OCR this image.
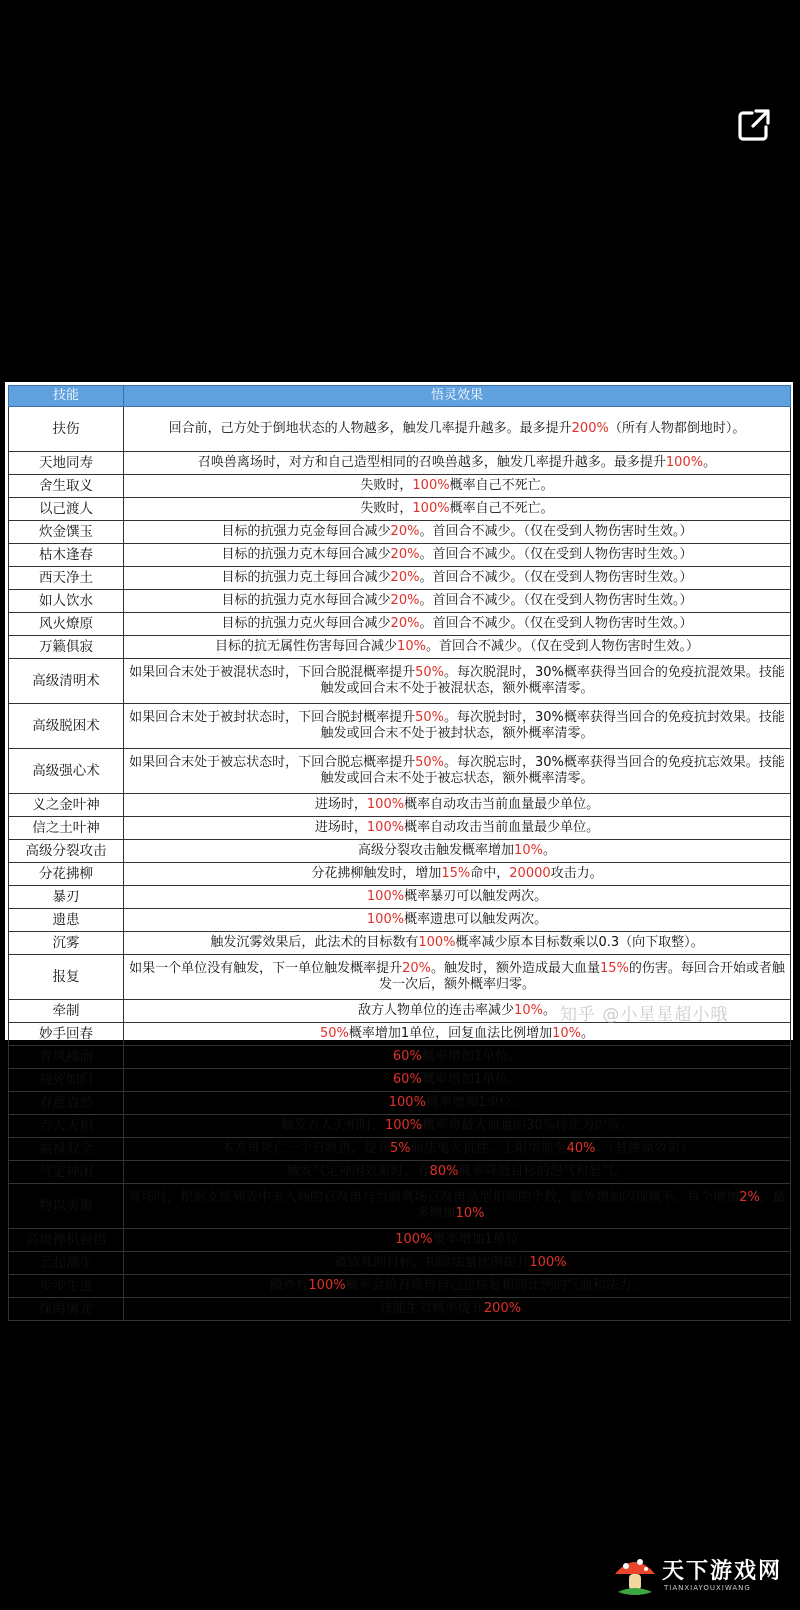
技能	悟灵效果
扶伤	回合前，己方处于倒地状态的人物越多，触发几率提升越多。最多提升200%（所有人物都倒地时）。
天地同寿	召唤兽离场时，对方和自己造型相同的召唤兽越多，触发几率提升越多。最多提升100%。
舍生取义	失败时，100%概率自己不死亡。
以己渡人	失败时，100%概率自己不死亡。
炊金馔玉	目标的抗强力克金每回合减少20%。首回合不减少。（仅在受到人物伤害时生效。）
枯木逢春	目标的抗强力克木每回合减少20%。首回合不减少。（仅在受到人物伤害时生效。）
西天净土	目标的抗强力克土每回合减少20%。首回合不减少。（仅在受到人物伤害时生效。）
如人饮水	目标的抗强力克水每回合减少20%。首回合不减少。（仅在受到人物伤害时生效。）
风火燎原	目标的抗强力克火每回合减少20%。首回合不减少。（仅在受到人物伤害时生效。）
万籁俱寂	目标的抗无属性伤害每回合减少10%。首回合不减少。（仅在受到人物伤害时生效。）
高级清明术	如果回合末处于被混状态时，下回合脱混概率提升50%。每次脱混时，30%概率获得当回合的免疫抗混效果。技能触发或回合末不处于被混状态，额外概率清零。
高级脱困术	如果回合末处于被封状态时，下回合脱封概率提升50%。每次脱封时，30%概率获得当回合的免疫抗封效果。技能触发或回合末不处于被封状态，额外概率清零。
高级强心术	如果回合末处于被忘状态时，下回合脱忘概率提升50%。每次脱忘时，30%概率获得当回合的免疫抗忘效果。技能触发或回合末不处于被忘状态，额外概率清零。
义之金叶神	进场时，100%概率自动攻击当前血量最少单位。
信之土叶神	进场时，100%概率自动攻击当前血量最少单位。
高级分裂攻击	高级分裂攻击触发概率增加10%。
分花拂柳	分花拂柳触发时，增加15%命中，20000攻击力。
暴刃	100%概率暴刃可以触发两次。
遗患	100%概率遗患可以触发两次。
沉雾	触发沉雾效果后，此法术的目标数有100%概率减少原本目标数乘以0.3（向下取整）。
报复	如果一个单位没有触发，下一单位触发概率提升20%。触发时，额外造成最大血量15%的伤害。每回合开始或者触发一次后，额外概率归零。
牵制	敌方人物单位的连击率减少10%。
妙手回春	50%概率增加1单位，回复血法比例增加10%。
春风拂面	60%概率增加1单位。
视死如归	60%概率增加1单位。
春意盎然	100%概率增加1单位。
吉人天相	触发吉人天相时，100%概率将最大血量的30%转化为护盾。
福禄双全	本方每死亡一个召唤兽，提升5%仙法鬼火抗性。上限增加至40%。（替换原效果）
气定神闲	触发气定神闲效果时，有80%概率降低目标的怨气和怒气。
物以类聚	离场时，根据支援列表中未入场的召唤兽与当前离场召唤兽造型相同的个数，额外增加闪现概率。每个增加2%，最多增加10%。
高级禅机顿悟	100%概率增加1单位
云起潮生	被致死的目标，扣除法量比例提升100%。
步步生莲	额外有100%概率会给召唤兽自己也恢复相同比例的气血和法力。
探海屠龙	技能生效概率提升200%。
知乎 @小星星超小哦
天下游戏网
TIANXIAYOUXIWANG
